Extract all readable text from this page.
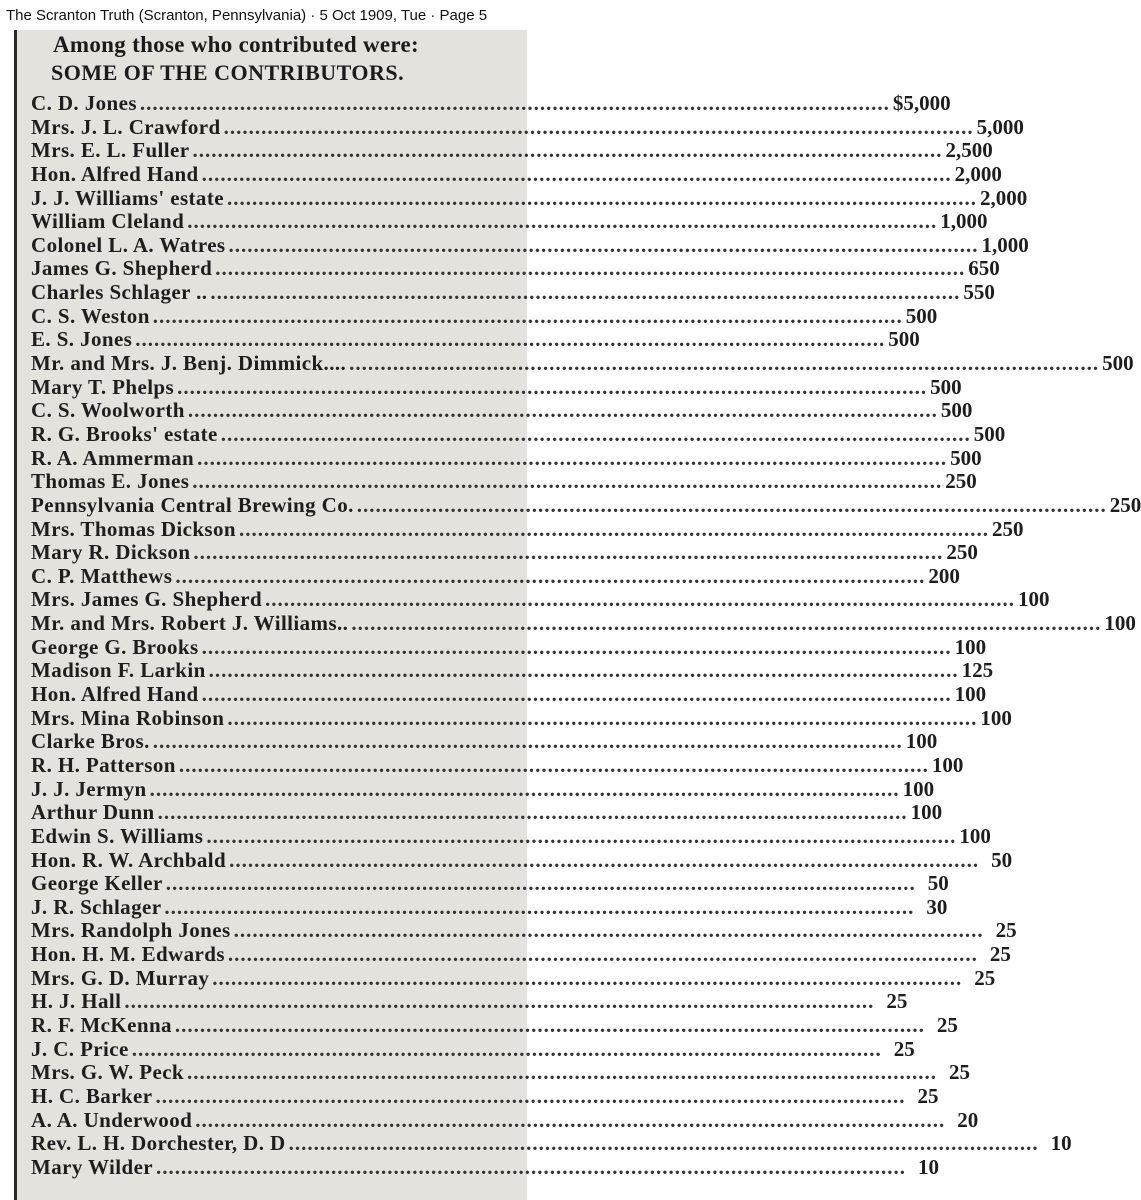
The Scranton Truth (Scranton, Pennsylvania) · 5 Oct 1909, Tue · Page 5
Among those who contributed were:
SOME OF THE CONTRIBUTORS.
C. D. Jones ........................................................................................................................ $5,000
Mrs. J. L. Crawford ........................................................................................................................ 5,000
Mrs. E. L. Fuller ........................................................................................................................ 2,500
Hon. Alfred Hand ........................................................................................................................ 2,000
J. J. Williams' estate ........................................................................................................................ 2,000
William Cleland ........................................................................................................................ 1,000
Colonel L. A. Watres ........................................................................................................................ 1,000
James G. Shepherd ........................................................................................................................ 650
Charles Schlager .. ........................................................................................................................ 550
C. S. Weston ........................................................................................................................ 500
E. S. Jones ........................................................................................................................ 500
Mr. and Mrs. J. Benj. Dimmick.... ........................................................................................................................ 500
Mary T. Phelps ........................................................................................................................ 500
C. S. Woolworth ........................................................................................................................ 500
R. G. Brooks' estate ........................................................................................................................ 500
R. A. Ammerman ........................................................................................................................ 500
Thomas E. Jones ........................................................................................................................ 250
Pennsylvania Central Brewing Co. ........................................................................................................................ 250
Mrs. Thomas Dickson ........................................................................................................................ 250
Mary R. Dickson ........................................................................................................................ 250
C. P. Matthews ........................................................................................................................ 200
Mrs. James G. Shepherd ........................................................................................................................ 100
Mr. and Mrs. Robert J. Williams.. ........................................................................................................................ 100
George G. Brooks ........................................................................................................................ 100
Madison F. Larkin ........................................................................................................................ 125
Hon. Alfred Hand ........................................................................................................................ 100
Mrs. Mina Robinson ........................................................................................................................ 100
Clarke Bros. ........................................................................................................................ 100
R. H. Patterson ........................................................................................................................ 100
J. J. Jermyn ........................................................................................................................ 100
Arthur Dunn ........................................................................................................................ 100
Edwin S. Williams ........................................................................................................................ 100
Hon. R. W. Archbald ........................................................................................................................ 50
George Keller ........................................................................................................................ 50
J. R. Schlager ........................................................................................................................ 30
Mrs. Randolph Jones ........................................................................................................................ 25
Hon. H. M. Edwards ........................................................................................................................ 25
Mrs. G. D. Murray ........................................................................................................................ 25
H. J. Hall ........................................................................................................................ 25
R. F. McKenna ........................................................................................................................ 25
J. C. Price ........................................................................................................................ 25
Mrs. G. W. Peck ........................................................................................................................ 25
H. C. Barker ........................................................................................................................ 25
A. A. Underwood ........................................................................................................................ 20
Rev. L. H. Dorchester, D. D ........................................................................................................................ 10
Mary Wilder ........................................................................................................................ 10
